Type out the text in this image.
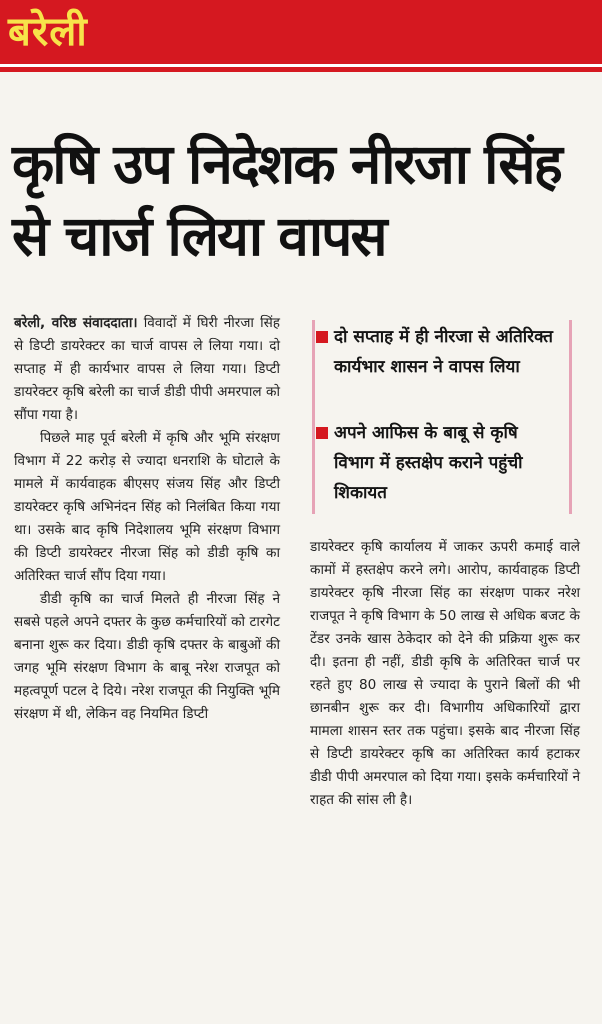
बरेली
कृषि उप निदेशक नीरजा सिंह से चार्ज लिया वापस

बरेली, वरिष्ठ संवाददाता। विवादों में घिरी नीरजा सिंह से डिप्टी डायरेक्टर का चार्ज वापस ले लिया गया। दो सप्ताह में ही कार्यभार वापस ले लिया गया। डिप्टी डायरेक्टर कृषि बरेली का चार्ज डीडी पीपी अमरपाल को सौंपा गया है।

पिछले माह पूर्व बरेली में कृषि और भूमि संरक्षण विभाग में 22 करोड़ से ज्यादा धनराशि के घोटाले के मामले में कार्यवाहक बीएसए संजय सिंह और डिप्टी डायरेक्टर कृषि अभिनंदन सिंह को निलंबित किया गया था। उसके बाद कृषि निदेशालय भूमि संरक्षण विभाग की डिप्टी डायरेक्टर नीरजा सिंह को डीडी कृषि का अतिरिक्त चार्ज सौंप दिया गया।

डीडी कृषि का चार्ज मिलते ही नीरजा सिंह ने सबसे पहले अपने दफ्तर के कुछ कर्मचारियों को टारगेट बनाना शुरू कर दिया। डीडी कृषि दफ्तर के बाबुओं की जगह भूमि संरक्षण विभाग के बाबू नरेश राजपूत को महत्वपूर्ण पटल दे दिये। नरेश राजपूत की नियुक्ति भूमि संरक्षण में थी, लेकिन वह नियमित डिप्टी

दो सप्ताह में ही नीरजा से अतिरिक्त कार्यभार शासन ने वापस लिया
अपने आफिस के बाबू से कृषि विभाग में हस्तक्षेप कराने पहुंची शिकायत

डायरेक्टर कृषि कार्यालय में जाकर ऊपरी कमाई वाले कामों में हस्तक्षेप करने लगे। आरोप, कार्यवाहक डिप्टी डायरेक्टर कृषि नीरजा सिंह का संरक्षण पाकर नरेश राजपूत ने कृषि विभाग के 50 लाख से अधिक बजट के टेंडर उनके खास ठेकेदार को देने की प्रक्रिया शुरू कर दी। इतना ही नहीं, डीडी कृषि के अतिरिक्त चार्ज पर रहते हुए 80 लाख से ज्यादा के पुराने बिलों की भी छानबीन शुरू कर दी। विभागीय अधिकारियों द्वारा मामला शासन स्तर तक पहुंचा। इसके बाद नीरजा सिंह से डिप्टी डायरेक्टर कृषि का अतिरिक्त कार्य हटाकर डीडी पीपी अमरपाल को दिया गया। इसके कर्मचारियों ने राहत की सांस ली है।
